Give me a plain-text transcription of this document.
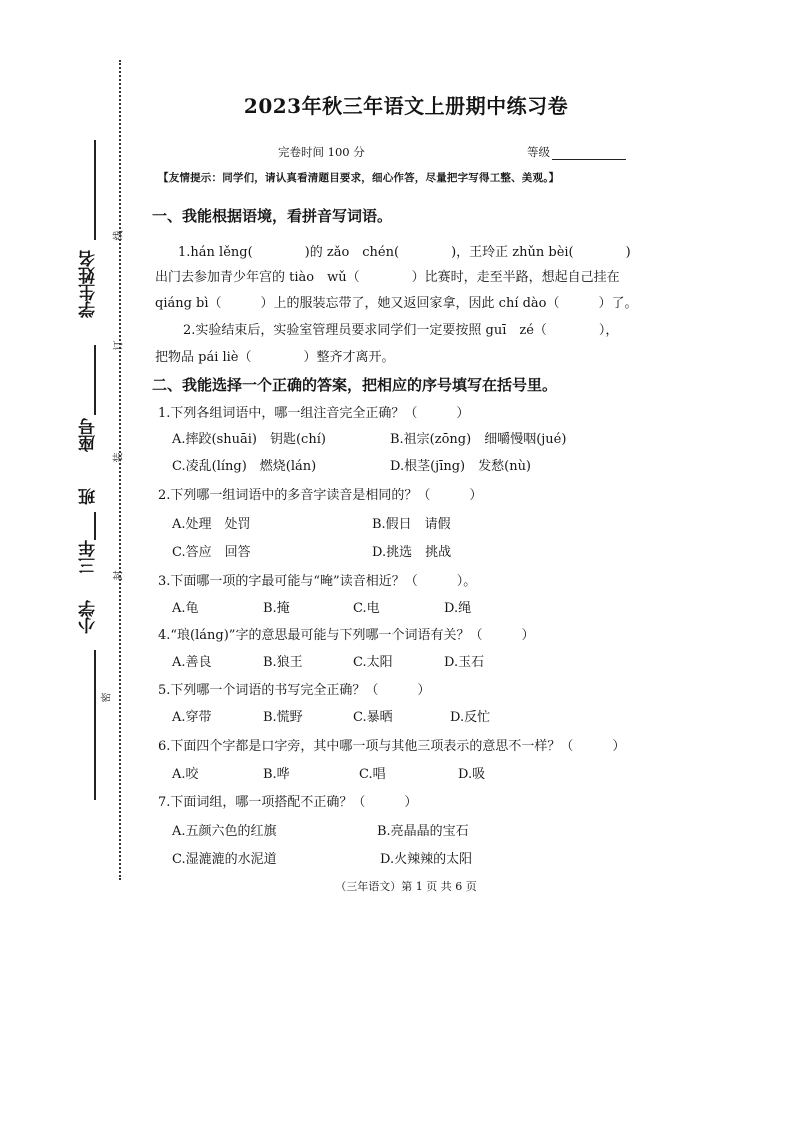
学生姓名
座号
班
三年
小学
线
订
装
封
密
2023年秋三年语文上册期中练习卷
完卷时间 100 分	等级
【友情提示：同学们，请认真看清题目要求，细心作答，尽量把字写得工整、美观。】
一、我能根据语境，看拼音写词语。
1.hán lěng(　　　　)的 zǎo　chén(　　　　)，王玲正 zhǔn bèi(　　　　)
出门去参加青少年宫的 tiào　wǔ（　　　　）比赛时，走至半路，想起自己挂在
qiáng bì（　　　）上的服装忘带了，她又返回家拿，因此 chí dào（　　　）了。
2.实验结束后，实验室管理员要求同学们一定要按照 guī　zé（　　　　），
把物品 pái liè（　　　　）整齐才离开。
二、我能选择一个正确的答案，把相应的序号填写在括号里。
1.下列各组词语中，哪一组注音完全正确？（　　　）
A.摔跤(shuāi)　钥匙(chí)	B.祖宗(zōng)　细嚼慢咽(jué)
C.凌乱(líng)　燃烧(lán)	D.根茎(jīng)　发愁(nù)
2.下列哪一组词语中的多音字读音是相同的？（　　　）
A.处理　处罚	B.假日　请假
C.答应　回答	D.挑选　挑战
3.下面哪一项的字最可能与“晻”读音相近？（　　　）。
A.龟	B.掩	C.电	D.绳
4.“琅(láng)”字的意思最可能与下列哪一个词语有关？（　　　）
A.善良	B.狼王	C.太阳	D.玉石
5.下列哪一个词语的书写完全正确？（　　　）
A.穿带	B.慌野	C.暴晒	D.反忙
6.下面四个字都是口字旁，其中哪一项与其他三项表示的意思不一样？（　　　）
A.咬	B.哗	C.唱	D.吸
7.下面词组，哪一项搭配不正确？（　　　）
A.五颜六色的红旗	B.亮晶晶的宝石
C.湿漉漉的水泥道	D.火辣辣的太阳
（三年语文）第 1 页 共 6 页
